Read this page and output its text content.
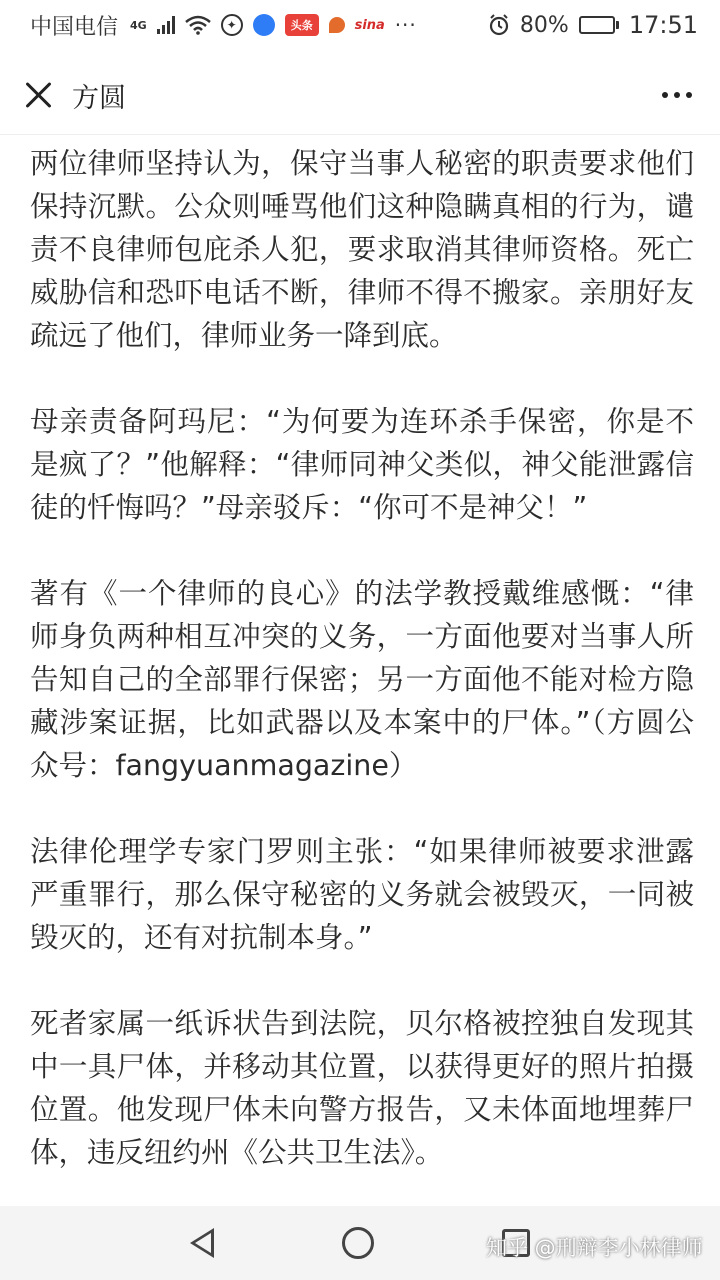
中国电信 4G	✦	头条	sina ···	80%	17:51
方圆

两位律师坚持认为，保守当事人秘密的职责要求他们保持沉默。公众则唾骂他们这种隐瞒真相的行为，谴责不良律师包庇杀人犯，要求取消其律师资格。死亡威胁信和恐吓电话不断，律师不得不搬家。亲朋好友疏远了他们，律师业务一降到底。

母亲责备阿玛尼：“为何要为连环杀手保密，你是不是疯了？”他解释：“律师同神父类似，神父能泄露信徒的忏悔吗？”母亲驳斥：“你可不是神父！”

著有《一个律师的良心》的法学教授戴维感慨：“律师身负两种相互冲突的义务，一方面他要对当事人所告知自己的全部罪行保密；另一方面他不能对检方隐藏涉案证据，比如武器以及本案中的尸体。”（方圆公众号：fangyuanmagazine）

法律伦理学专家门罗则主张：“如果律师被要求泄露严重罪行，那么保守秘密的义务就会被毁灭，一同被毁灭的，还有对抗制本身。”

死者家属一纸诉状告到法院，贝尔格被控独自发现其中一具尸体，并移动其位置，以获得更好的照片拍摄位置。他发现尸体未向警方报告，又未体面地埋葬尸体，违反纽约州《公共卫生法》。

知乎 @刑辩李小林律师
